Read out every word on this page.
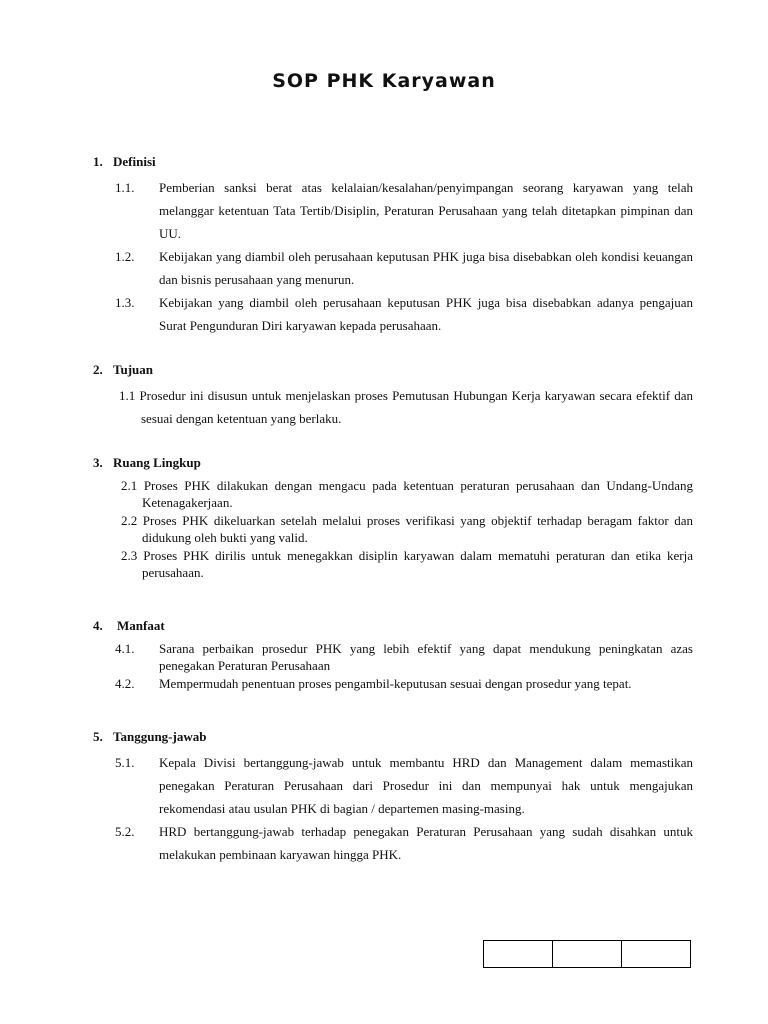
SOP PHK Karyawan
1. Definisi
1.1. Pemberian sanksi berat atas kelalaian/kesalahan/penyimpangan seorang karyawan yang telah melanggar ketentuan Tata Tertib/Disiplin, Peraturan Perusahaan yang telah ditetapkan pimpinan dan UU.
1.2. Kebijakan yang diambil oleh perusahaan keputusan PHK juga bisa disebabkan oleh kondisi keuangan dan bisnis perusahaan yang menurun.
1.3. Kebijakan yang diambil oleh perusahaan keputusan PHK juga bisa disebabkan adanya pengajuan Surat Pengunduran Diri karyawan kepada perusahaan.
2. Tujuan
1.1 Prosedur ini disusun untuk menjelaskan proses Pemutusan Hubungan Kerja karyawan secara efektif dan sesuai dengan ketentuan yang berlaku.
3. Ruang Lingkup
2.1 Proses PHK dilakukan dengan mengacu pada ketentuan peraturan perusahaan dan Undang-Undang Ketenagakerjaan.
2.2 Proses PHK dikeluarkan setelah melalui proses verifikasi yang objektif terhadap beragam faktor dan didukung oleh bukti yang valid.
2.3 Proses PHK dirilis untuk menegakkan disiplin karyawan dalam mematuhi peraturan dan etika kerja perusahaan.
4. Manfaat
4.1. Sarana perbaikan prosedur PHK yang lebih efektif yang dapat mendukung peningkatan azas penegakan Peraturan Perusahaan
4.2. Mempermudah penentuan proses pengambil-keputusan sesuai dengan prosedur yang tepat.
5. Tanggung-jawab
5.1. Kepala Divisi bertanggung-jawab untuk membantu HRD dan Management dalam memastikan penegakan Peraturan Perusahaan dari Prosedur ini dan mempunyai hak untuk mengajukan rekomendasi atau usulan PHK di bagian / departemen masing-masing.
5.2. HRD bertanggung-jawab terhadap penegakan Peraturan Perusahaan yang sudah disahkan untuk melakukan pembinaan karyawan hingga PHK.
